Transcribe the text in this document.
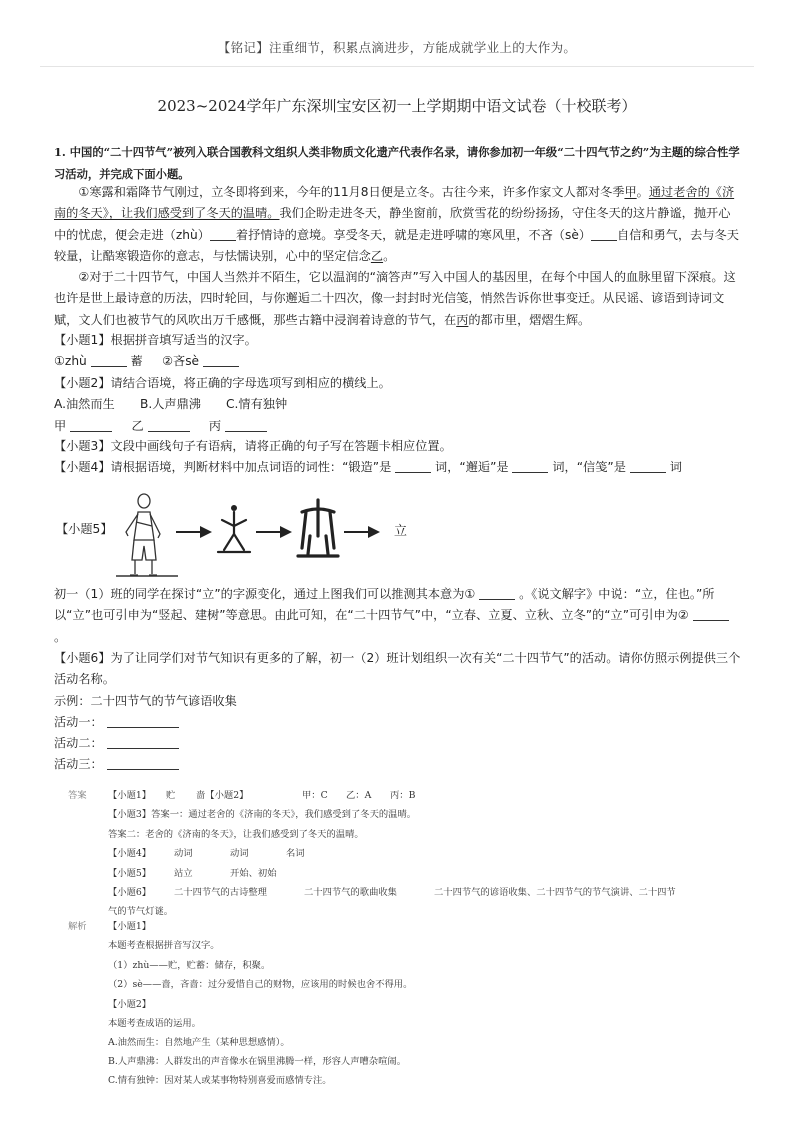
【铭记】注重细节，积累点滴进步，方能成就学业上的大作为。
2023~2024学年广东深圳宝安区初一上学期期中语文试卷（十校联考）
1. 中国的“二十四节气”被列入联合国教科文组织人类非物质文化遗产代表作名录，请你参加初一年级“二十四气节之约”为主题的综合性学习活动，并完成下面小题。

①寒露和霜降节气刚过，立冬即将到来，今年的11月8日便是立冬。古往今来，许多作家文人都对冬季甲。通过老舍的《济南的冬天》，让我们感受到了冬天的温晴。我们企盼走进冬天，静坐窗前，欣赏雪花的纷纷扬扬，守住冬天的这片静谧，抛开心中的忧虑，便会走进（zhù） 着抒情诗的意境。享受冬天，就是走进呼啸的寒风里，不吝（sè） 自信和勇气，去与冬天较量，让酷寒锻造你的意志，与怯懦诀别，心中的坚定信念乙。

②对于二十四节气，中国人当然并不陌生，它以温润的“滴答声”写入中国人的基因里，在每个中国人的血脉里留下深痕。这也许是世上最诗意的历法，四时轮回，与你邂逅二十四次，像一封封时光信笺，悄然告诉你世事变迁。从民谣、谚语到诗词文赋，文人们也被节气的风吹出万千感慨，那些古籍中浸润着诗意的节气，在丙的都市里，熠熠生辉。

【小题1】根据拼音填写适当的汉字。

①zhù	蓄 ②吝sè

【小题2】请结合语境，将正确的字母选项写到相应的横线上。

A.油然而生 B.人声鼎沸 C.情有独钟

甲	乙	丙

【小题3】文段中画线句子有语病，请将正确的句子写在答题卡相应位置。

【小题4】请根据语境，判断材料中加点词语的词性：“锻造”是	词，“邂逅”是	词，“信笺”是	词

【小题5】	立

初一（1）班的同学在探讨“立”的字源变化，通过上图我们可以推测其本意为①	。《说文解字》中说：“立，住也。”所以“立”也可引申为“竖起、建树”等意思。由此可知，在“二十四节气”中，“立春、立夏、立秋、立冬”的“立”可引申为②  。

【小题6】为了让同学们对节气知识有更多的了解，初一（2）班计划组织一次有关“二十四节气”的活动。请你仿照示例提供三个活动名称。

示例：二十四节气的节气谚语收集

活动一：

活动二：

活动三：

答案 【小题1】 贮 啬【小题2】	甲：C 乙：A 丙：B
【小题3】答案一：通过老舍的《济南的冬天》，我们感受到了冬天的温晴。
答案二：老舍的《济南的冬天》，让我们感受到了冬天的温晴。
【小题4】 动词	动词	名词
【小题5】 站立	开始、初始
【小题6】 二十四节气的古诗整理	二十四节气的歌曲收集	二十四节气的谚语收集、二十四节气的节气演讲、二十四节
气的节气灯谜。
解析 【小题1】
本题考查根据拼音写汉字。
（1）zhù——贮，贮蓄：储存，积聚。
（2）sè——啬，吝啬：过分爱惜自己的财物，应该用的时候也舍不得用。
【小题2】
本题考查成语的运用。
A.油然而生：自然地产生（某种思想感情）。
B.人声鼎沸：人群发出的声音像水在锅里沸腾一样，形容人声嘈杂喧闹。
C.情有独钟：因对某人或某事物特别喜爱而感情专注。
